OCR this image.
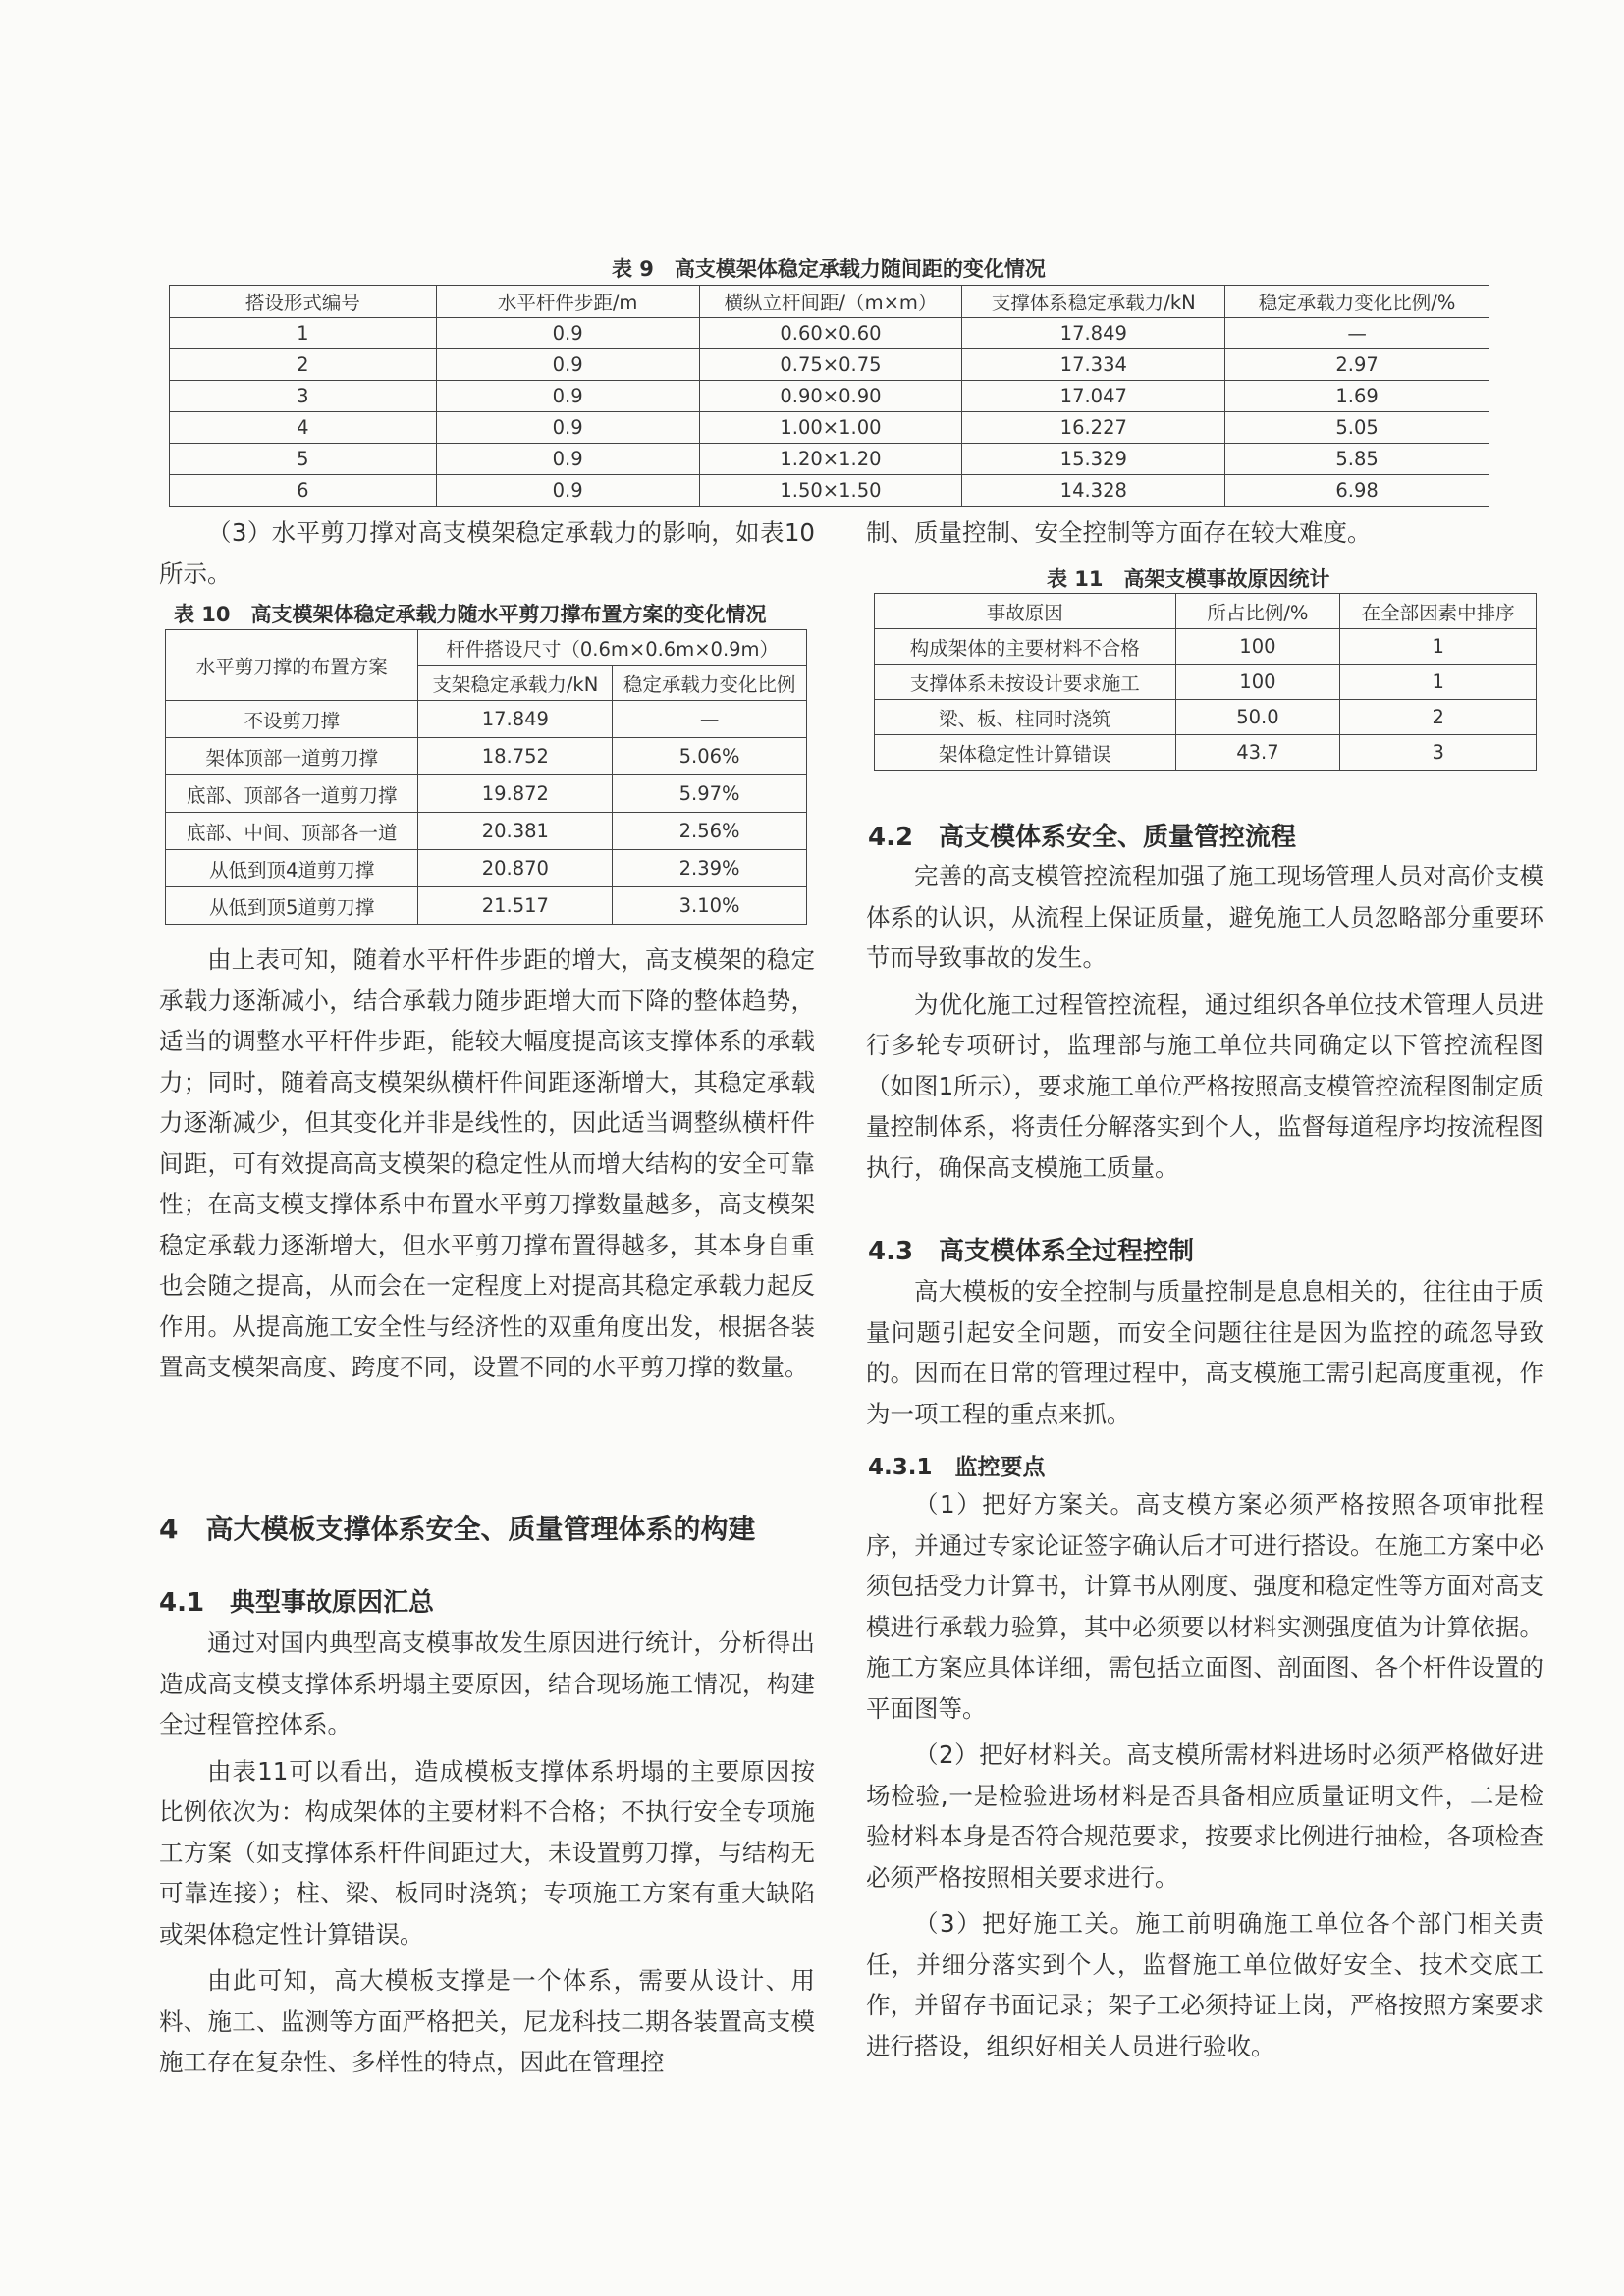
表 9　高支模架体稳定承载力随间距的变化情况
搭设形式编号	水平杆件步距/m	横纵立杆间距/（m×m）	支撑体系稳定承载力/kN	稳定承载力变化比例/%
1	0.9	0.60×0.60	17.849	—
2	0.9	0.75×0.75	17.334	2.97
3	0.9	0.90×0.90	17.047	1.69
4	0.9	1.00×1.00	16.227	5.05
5	0.9	1.20×1.20	15.329	5.85
6	0.9	1.50×1.50	14.328	6.98

（3）水平剪刀撑对高支模架稳定承载力的影响，如表10所示。

表 10　高支模架体稳定承载力随水平剪刀撑布置方案的变化情况
水平剪刀撑的布置方案	杆件搭设尺寸（0.6m×0.6m×0.9m）	
	支架稳定承载力/kN	稳定承载力变化比例
不设剪刀撑	17.849	—
架体顶部一道剪刀撑	18.752	5.06%
底部、顶部各一道剪刀撑	19.872	5.97%
底部、中间、顶部各一道	20.381	2.56%
从低到顶4道剪刀撑	20.870	2.39%
从低到顶5道剪刀撑	21.517	3.10%

由上表可知，随着水平杆件步距的增大，高支模架的稳定承载力逐渐减小，结合承载力随步距增大而下降的整体趋势，适当的调整水平杆件步距，能较大幅度提高该支撑体系的承载力；同时，随着高支模架纵横杆件间距逐渐增大，其稳定承载力逐渐减少，但其变化并非是线性的，因此适当调整纵横杆件间距，可有效提高高支模架的稳定性从而增大结构的安全可靠性；在高支模支撑体系中布置水平剪刀撑数量越多，高支模架稳定承载力逐渐增大，但水平剪刀撑布置得越多，其本身自重也会随之提高，从而会在一定程度上对提高其稳定承载力起反作用。从提高施工安全性与经济性的双重角度出发，根据各装置高支模架高度、跨度不同，设置不同的水平剪刀撑的数量。

4　高大模板支撑体系安全、质量管理体系的构建
4.1　典型事故原因汇总

通过对国内典型高支模事故发生原因进行统计，分析得出造成高支模支撑体系坍塌主要原因，结合现场施工情况，构建全过程管控体系。

由表11可以看出，造成模板支撑体系坍塌的主要原因按比例依次为：构成架体的主要材料不合格；不执行安全专项施工方案（如支撑体系杆件间距过大，未设置剪刀撑，与结构无可靠连接）；柱、梁、板同时浇筑；专项施工方案有重大缺陷或架体稳定性计算错误。

由此可知，高大模板支撑是一个体系，需要从设计、用料、施工、监测等方面严格把关，尼龙科技二期各装置高支模施工存在复杂性、多样性的特点，因此在管理控

制、质量控制、安全控制等方面存在较大难度。

表 11　高架支模事故原因统计
事故原因	所占比例/%	在全部因素中排序
构成架体的主要材料不合格	100	1
支撑体系未按设计要求施工	100	1
梁、板、柱同时浇筑	50.0	2
架体稳定性计算错误	43.7	3
4.2　高支模体系安全、质量管控流程

完善的高支模管控流程加强了施工现场管理人员对高价支模体系的认识，从流程上保证质量，避免施工人员忽略部分重要环节而导致事故的发生。

为优化施工过程管控流程，通过组织各单位技术管理人员进行多轮专项研讨，监理部与施工单位共同确定以下管控流程图（如图1所示），要求施工单位严格按照高支模管控流程图制定质量控制体系，将责任分解落实到个人，监督每道程序均按流程图执行，确保高支模施工质量。

4.3　高支模体系全过程控制

高大模板的安全控制与质量控制是息息相关的，往往由于质量问题引起安全问题，而安全问题往往是因为监控的疏忽导致的。因而在日常的管理过程中，高支模施工需引起高度重视，作为一项工程的重点来抓。

4.3.1　监控要点

（1）把好方案关。高支模方案必须严格按照各项审批程序，并通过专家论证签字确认后才可进行搭设。在施工方案中必须包括受力计算书，计算书从刚度、强度和稳定性等方面对高支模进行承载力验算，其中必须要以材料实测强度值为计算依据。施工方案应具体详细，需包括立面图、剖面图、各个杆件设置的平面图等。

（2）把好材料关。高支模所需材料进场时必须严格做好进场检验,一是检验进场材料是否具备相应质量证明文件，二是检验材料本身是否符合规范要求，按要求比例进行抽检，各项检查必须严格按照相关要求进行。

（3）把好施工关。施工前明确施工单位各个部门相关责任，并细分落实到个人，监督施工单位做好安全、技术交底工作，并留存书面记录；架子工必须持证上岗，严格按照方案要求进行搭设，组织好相关人员进行验收。
